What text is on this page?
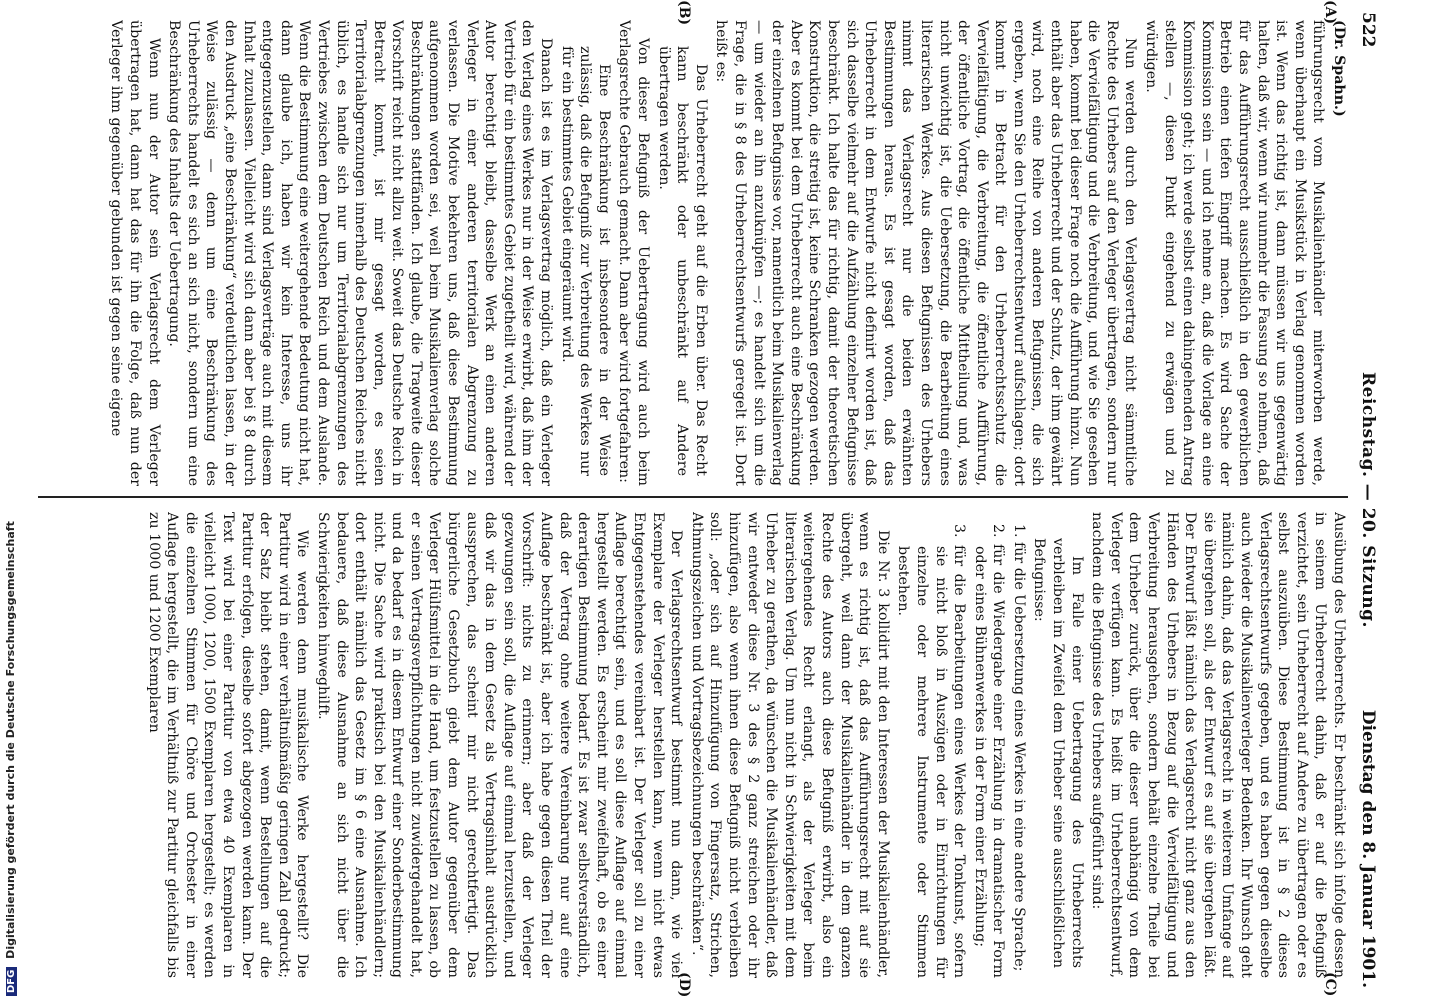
522
Reichstag. — 20. Sitzung.
Dienstag den 8. Januar 1901.
(A)
(B)
(C)
(D)

(Dr. Spahn.)

führungsrecht vom Musikalienhändler miterworben werde, wenn überhaupt ein Musikstück in Verlag genommen worden ist. Wenn das richtig ist, dann müssen wir uns gegenwärtig halten, daß wir, wenn wir nunmehr die Fassung so nehmen, daß für das Aufführungsrecht ausschließlich in den gewerblichen Betrieb einen tiefen Eingriff machen. Es wird Sache der Kommission sein — und ich nehme an, daß die Vorlage an eine Kommission geht; ich werde selbst einen dahingehenden Antrag stellen —, diesen Punkt eingehend zu erwägen und zu würdigen.

Nun werden durch den Verlagsvertrag nicht sämmtliche Rechte des Urhebers auf den Verleger übertragen, sondern nur die Vervielfältigung und die Verbreitung, und wie Sie gesehen haben, kommt bei dieser Frage noch die Aufführung hinzu. Nun enthält aber das Urheberrecht und der Schutz, der ihm gewährt wird, noch eine Reihe von anderen Befugnissen, die sich ergeben, wenn Sie den Urheberrechtsentwurf aufschlagen; dort kommt in Betracht für den Urheberrechtsschutz die Vervielfältigung, die Verbreitung, die öffentliche Aufführung, der öffentliche Vortrag, die öffentliche Mittheilung und, was nicht unwichtig ist, die Uebersetzung, die Bearbeitung eines literarischen Werkes. Aus diesen Befugnissen des Urhebers nimmt das Verlagsrecht nur die beiden erwähnten Bestimmungen heraus. Es ist gesagt worden, daß das Urheberrecht in dem Entwurfe nicht definirt worden ist, daß sich dasselbe vielmehr auf die Aufzählung einzelner Befugnisse beschränkt. Ich halte das für richtig, damit der theoretischen Konstruktion, die streitig ist, keine Schranken gezogen werden. Aber es kommt bei dem Urheberrecht auch eine Beschränkung der einzelnen Befugnisse vor, namentlich beim Musikalienverlag — um wieder an ihn anzuknüpfen —; es handelt sich um die Frage, die in § 8 des Urheberrechtsentwurfs geregelt ist. Dort heißt es:

Das Urheberrecht geht auf die Erben über. Das Recht kann beschränkt oder unbeschränkt auf Andere übertragen werden.

Von dieser Befugniß der Uebertragung wird auch beim Verlagsrechte Gebrauch gemacht. Dann aber wird fortgefahren:

Eine Beschränkung ist insbesondere in der Weise zulässig, daß die Befugniß zur Verbreitung des Werkes nur für ein bestimmtes Gebiet eingeräumt wird.

Danach ist es im Verlagsvertrag möglich, daß ein Verleger den Verlag eines Werkes nur in der Weise erwirbt, daß ihm der Vertrieb für ein bestimmtes Gebiet zugetheilt wird, während der Autor berechtigt bleibt, dasselbe Werk an einen anderen Verleger in einer anderen territorialen Abgrenzung zu verlassen. Die Motive bekehren uns, daß diese Bestimmung aufgenommen worden sei, weil beim Musikalienverlag solche Beschränkungen stattfänden. Ich glaube, die Tragweite dieser Vorschrift reicht nicht allzu weit. Soweit das Deutsche Reich in Betracht kommt, ist mir gesagt worden, es seien Territorialabgrenzungen innerhalb des Deutschen Reiches nicht üblich, es handle sich nur um Territorialabgrenzungen des Vertriebes zwischen dem Deutschen Reich und dem Auslande. Wenn die Bestimmung eine weitergehende Bedeutung nicht hat, dann glaube ich, haben wir kein Interesse, uns ihr entgegenzustellen, dann sind Verlagsverträge auch mit diesem Inhalt zuzulassen. Vielleicht wird sich dann aber bei § 8 durch den Ausdruck „eine Beschränkung“ verdeutlichen lassen, in der Weise zulässig — denn um eine Beschränkung des Urheberrechts handelt es sich an sich nicht, sondern um eine Beschränkung des Inhalts der Uebertragung.

Wenn nun der Autor sein Verlagsrecht dem Verleger übertragen hat, dann hat das für ihn die Folge, daß nun der Verleger ihm gegenüber gebunden ist gegen seine eigene

Ausübung des Urheberrechts. Er beschränkt sich infolge dessen in seinem Urheberrecht dahin, daß er auf die Befugniß verzichtet, sein Urheberrecht auf Andere zu übertragen oder es selbst auszuüben. Diese Bestimmung ist in § 2 dieses Verlagsrechtsentwurfs gegeben, und es haben gegen dieselbe auch wieder die Musikalienverleger Bedenken. Ihr Wunsch geht nämlich dahin, daß das Verlagsrecht in weiterem Umfange auf sie übergehen soll, als der Entwurf es auf sie übergehen läßt. Der Entwurf läßt nämlich das Verlagsrecht nicht ganz aus den Händen des Urhebers in Bezug auf die Vervielfältigung und Verbreitung herausgehen, sondern behält einzelne Theile bei dem Urheber zurück, über die dieser unabhängig von dem Verleger verfügen kann. Es heißt im Urheberrechtsentwurf, nachdem die Befugnisse des Urhebers aufgeführt sind:

Im Falle einer Uebertragung des Urheberrechts verbleiben im Zweifel dem Urheber seine ausschließlichen Befugnisse:

1. für die Uebersetzung eines Werkes in eine andere Sprache;

2. für die Wiedergabe einer Erzählung in dramatischer Form oder eines Bühnenwerkes in der Form einer Erzählung;

3. für die Bearbeitungen eines Werkes der Tonkunst, sofern sie nicht bloß in Auszügen oder in Einrichtungen für einzelne oder mehrere Instrumente oder Stimmen bestehen.

Die Nr. 3 kollidirt mit den Interessen der Musikalienhändler, wenn es richtig ist, daß das Aufführungsrecht mit auf sie übergeht, weil dann der Musikalienhändler in dem ganzen Rechte des Autors auch diese Befugniß erwirbt, also ein weitergehendes Recht erlangt, als der Verleger beim literarischen Verlag. Um nun nicht in Schwierigkeiten mit dem Urheber zu gerathen, da wünschen die Musikalienhändler, daß wir entweder diese Nr. 3 des § 2 ganz streichen oder ihr hinzufügen, also wenn ihnen diese Befugniß nicht verbleiben soll: „oder sich auf Hinzufügung von Fingersatz, Strichen, Athmungszeichen und Vortragsbezeichnungen beschränken“.

Der Verlagsrechtsentwurf bestimmt nun dann, wie viel Exemplare der Verleger herstellen kann, wenn nicht etwas Entgegenstehendes vereinbart ist. Der Verleger soll zu einer Auflage berechtigt sein, und es soll diese Auflage auf einmal hergestellt werden. Es erscheint mir zweifelhaft, ob es einer derartigen Bestimmung bedarf. Es ist zwar selbstverständlich, daß der Vertrag ohne weitere Vereinbarung nur auf eine Auflage beschränkt ist, aber ich habe gegen diesen Theil der Vorschrift: nichts zu erinnern; aber daß der Verleger gezwungen sein soll, die Auflage auf einmal herzustellen, und daß wir das in dem Gesetz als Vertragsinhalt ausdrücklich aussprechen, das scheint mir nicht gerechtfertigt. Das bürgerliche Gesetzbuch giebt dem Autor gegenüber dem Verleger Hülfsmittel in die Hand, um festzustellen zu lassen, ob er seinen Vertragsverpflichtungen nicht zuwidergehandelt hat, und da bedarf es in diesem Entwurf einer Sonderbestimmung nicht. Die Sache wird praktisch bei den Musikalienhändlern; dort enthält nämlich das Gesetz im § 6 eine Ausnahme. Ich bedauere, daß diese Ausnahme an sich nicht über die Schwierigkeiten hinweghilft.

Wie werden denn musikalische Werke hergestellt? Die Partitur wird in einer verhältnißmäßig geringen Zahl gedruckt; der Satz bleibt stehen, damit, wenn Bestellungen auf die Partitur erfolgen, dieselbe sofort abgezogen werden kann. Der Text wird bei einer Partitur von etwa 40 Exemplaren in vielleicht 1000, 1200, 1500 Exemplaren hergestellt; es werden die einzelnen Stimmen für Chöre und Orchester in einer Auflage hergestellt, die im Verhältniß zur Partitur gleichfalls bis zu 1000 und 1200 Exemplaren

DFG Digitalisierung gefördert durch die Deutsche Forschungsgemeinschaft
